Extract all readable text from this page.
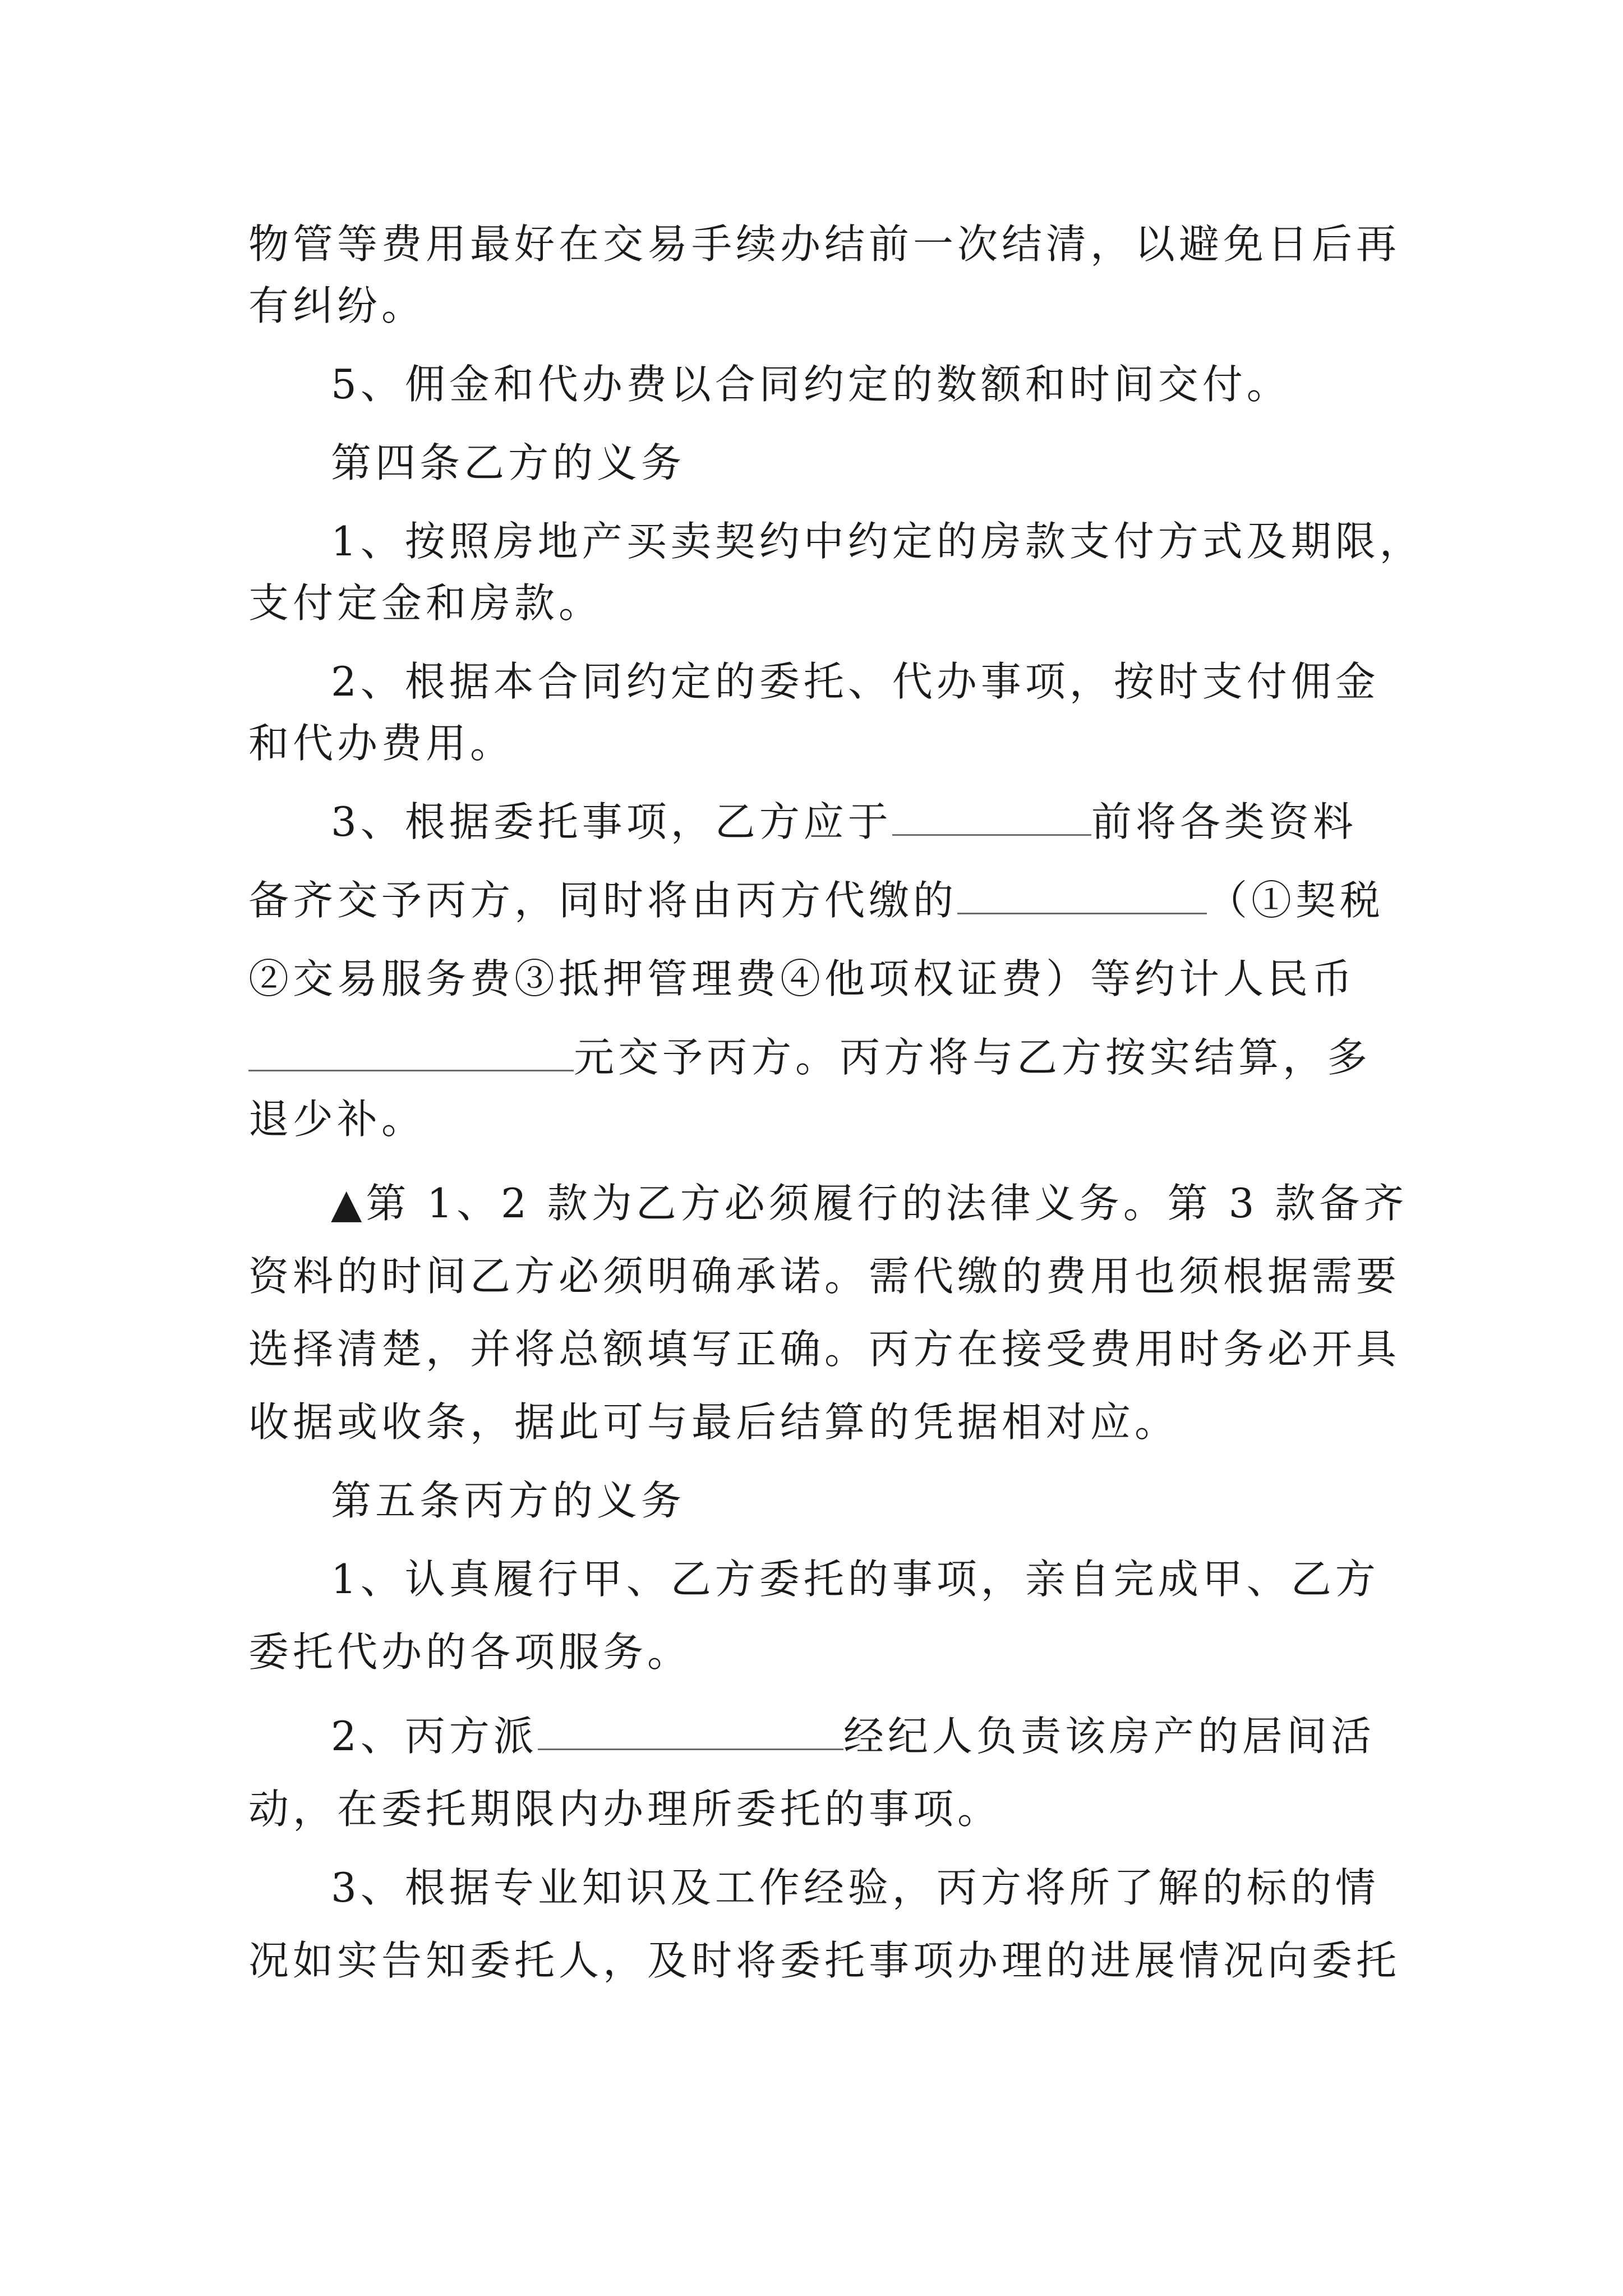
物管等费用最好在交易手续办结前一次结清，以避免日后再
有纠纷。
5、佣金和代办费以合同约定的数额和时间交付。
第四条乙方的义务
1、按照房地产买卖契约中约定的房款支付方式及期限，
支付定金和房款。
2、根据本合同约定的委托、代办事项，按时支付佣金
和代办费用。
3、根据委托事项，乙方应于	前将各类资料
备齐交予丙方，同时将由丙方代缴的	（①契税
②交易服务费③抵押管理费④他项权证费）等约计人民币
元交予丙方。丙方将与乙方按实结算，多
退少补。
▲第 1、2 款为乙方必须履行的法律义务。第 3 款备齐
资料的时间乙方必须明确承诺。需代缴的费用也须根据需要
选择清楚，并将总额填写正确。丙方在接受费用时务必开具
收据或收条，据此可与最后结算的凭据相对应。
第五条丙方的义务
1、认真履行甲、乙方委托的事项，亲自完成甲、乙方
委托代办的各项服务。
2、丙方派	经纪人负责该房产的居间活
动，在委托期限内办理所委托的事项。
3、根据专业知识及工作经验，丙方将所了解的标的情
况如实告知委托人，及时将委托事项办理的进展情况向委托
